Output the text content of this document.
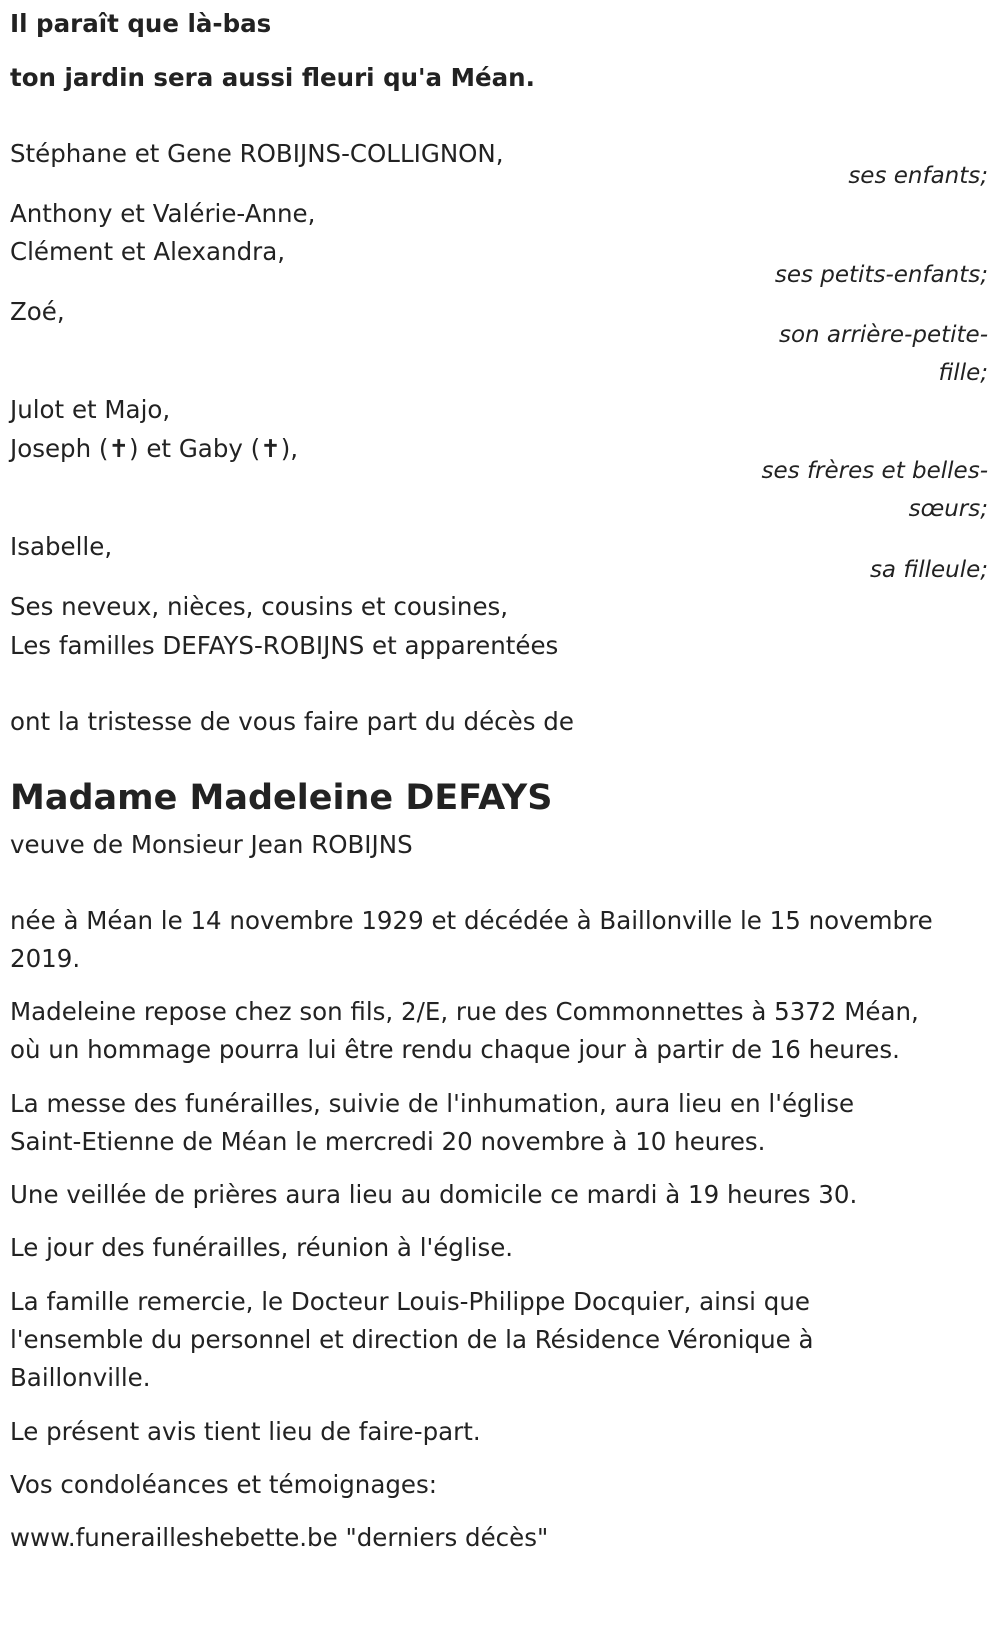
Il paraît que là-bas

ton jardin sera aussi fleuri qu'a Méan.

Stéphane et Gene ROBIJNS-COLLIGNON,

ses enfants;

Anthony et Valérie-Anne,

Clément et Alexandra,

ses petits-enfants;

Zoé,

son arrière-petite-

fille;

Julot et Majo,

Joseph (✝) et Gaby (✝),

ses frères et belles-

sœurs;

Isabelle,

sa filleule;

Ses neveux, nièces, cousins et cousines,

Les familles DEFAYS-ROBIJNS et apparentées

ont la tristesse de vous faire part du décès de

Madame Madeleine DEFAYS

veuve de Monsieur Jean ROBIJNS

née à Méan le 14 novembre 1929 et décédée à Baillonville le 15 novembre
2019.

Madeleine repose chez son fils, 2/E, rue des Commonnettes à 5372 Méan,
où un hommage pourra lui être rendu chaque jour à partir de 16 heures.

La messe des funérailles, suivie de l'inhumation, aura lieu en l'église
Saint-Etienne de Méan le mercredi 20 novembre à 10 heures.

Une veillée de prières aura lieu au domicile ce mardi à 19 heures 30.

Le jour des funérailles, réunion à l'église.

La famille remercie, le Docteur Louis-Philippe Docquier, ainsi que
l'ensemble du personnel et direction de la Résidence Véronique à
Baillonville.

Le présent avis tient lieu de faire-part.

Vos condoléances et témoignages:

www.funerailleshebette.be "derniers décès"
